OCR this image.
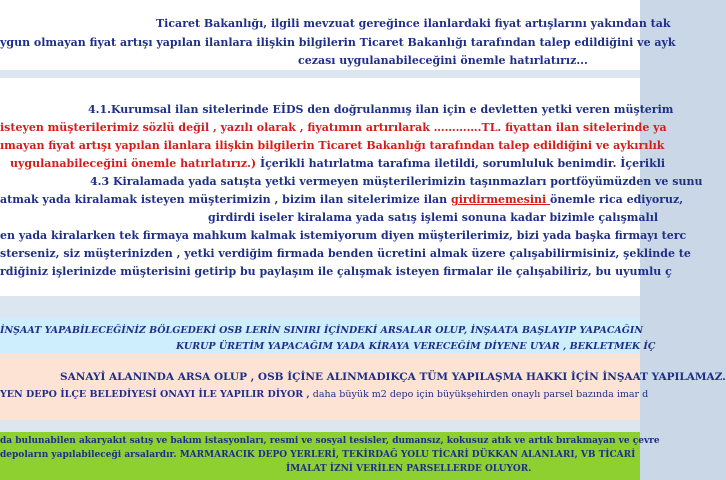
Ticaret Bakanlığı, ilgili mevzuat gereğince ilanlardaki fiyat artışlarını yakından tak
ygun olmayan fiyat artışı yapılan ilanlara ilişkin bilgilerin Ticaret Bakanlığı tarafından talep edildiğini ve ayk
cezası uygulanabileceğini önemle hatırlatırız...
4.1.Kurumsal ilan sitelerinde EİDS den doğrulanmış ilan için e devletten yetki veren müşterim
isteyen müşterilerimiz sözlü değil , yazılı olarak , fiyatımın artırılarak ………….TL. fiyattan ilan sitelerinde ya
ımayan fiyat artışı yapılan ilanlara ilişkin bilgilerin Ticaret Bakanlığı tarafından talep edildiğini ve aykırılık
uygulanabileceğini önemle hatırlatırız.) İçerikli hatırlatma tarafıma iletildi, sorumluluk benimdir. İçerikli
4.3 Kiralamada yada satışta yetki vermeyen müşterilerimizin taşınmazları portföyümüzden ve sunu
atmak yada kiralamak isteyen müşterimizin , bizim ilan sitelerimize ilan girdirmemesini önemle rica ediyoruz,
girdirdi iseler kiralama yada satış işlemi sonuna kadar bizimle çalışmalıl
en yada kiralarken tek firmaya mahkum kalmak istemiyorum diyen müşterilerimiz, bizi yada başka firmayı terc
sterseniz, siz müşterinizden , yetki verdiğim firmada benden ücretini almak üzere çalışabilirmisiniz, şeklinde te
rdiğiniz işlerinizde müşterisini getirip bu paylaşım ile çalışmak isteyen firmalar ile çalışabiliriz, bu uyumlu ç
İNŞAAT YAPABİLECEĞİNİZ BÖLGEDEKİ OSB LERİN SINIRI İÇİNDEKİ ARSALAR OLUP, İNŞAATA BAŞLAYIP YAPACAĞIN
KURUP ÜRETİM YAPACAĞIM YADA KİRAYA VERECEĞİM DİYENE UYAR , BEKLETMEK İÇ
SANAYİ ALANINDA ARSA OLUP , OSB İÇİNE ALINMADIKÇA TÜM YAPILAŞMA HAKKI İÇİN İNŞAAT YAPILAMAZ.
YEN DEPO İLÇE BELEDİYESİ ONAYI İLE YAPILIR DİYOR , daha büyük m2 depo için büyükşehirden onaylı parsel bazında imar d
da bulunabilen akaryakıt satış ve bakım istasyonları, resmi ve sosyal tesisler, dumansız, kokusuz atık ve artık bırakmayan ve çevre
depoların yapılabileceği arsalardır. MARMARACIK DEPO YERLERİ, TEKİRDAĞ YOLU TİCARİ DÜKKAN ALANLARI, VB TİCARİ
İMALAT İZNİ VERİLEN PARSELLERDE OLUYOR.
